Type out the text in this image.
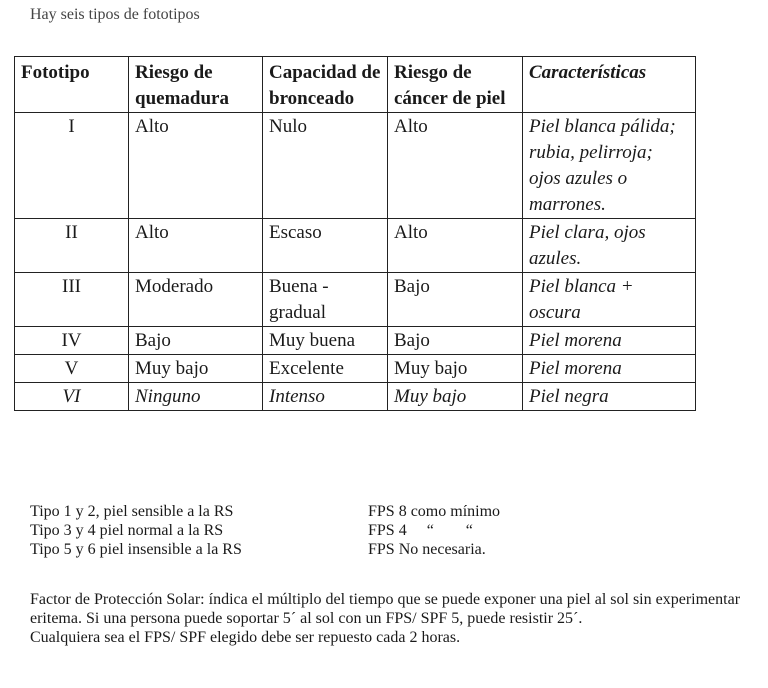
Hay seis tipos de fototipos
Fototipo	Riesgo de quemadura	Capacidad de bronceado	Riesgo de cáncer de piel	Características
I	Alto	Nulo	Alto	Piel blanca pálida; rubia, pelirroja; ojos azules o marrones.
II	Alto	Escaso	Alto	Piel clara, ojos azules.
III	Moderado	Buena - gradual	Bajo	Piel blanca + oscura
IV	Bajo	Muy buena	Bajo	Piel morena
V	Muy bajo	Excelente	Muy bajo	Piel morena
VI	Ninguno	Intenso	Muy bajo	Piel negra
Tipo 1 y 2, piel sensible a la RS	FPS 8 como mínimo
Tipo 3 y 4 piel normal a la RS	FPS 4     “        “
Tipo 5 y 6 piel insensible a la RS	FPS No necesaria.

Factor de Protección Solar: índica el múltiplo del tiempo que se puede exponer una piel al sol sin experimentar eritema. Si una persona puede soportar 5´ al sol con un FPS/ SPF 5, puede resistir 25´.

Cualquiera sea el FPS/ SPF elegido debe ser repuesto cada 2 horas.
